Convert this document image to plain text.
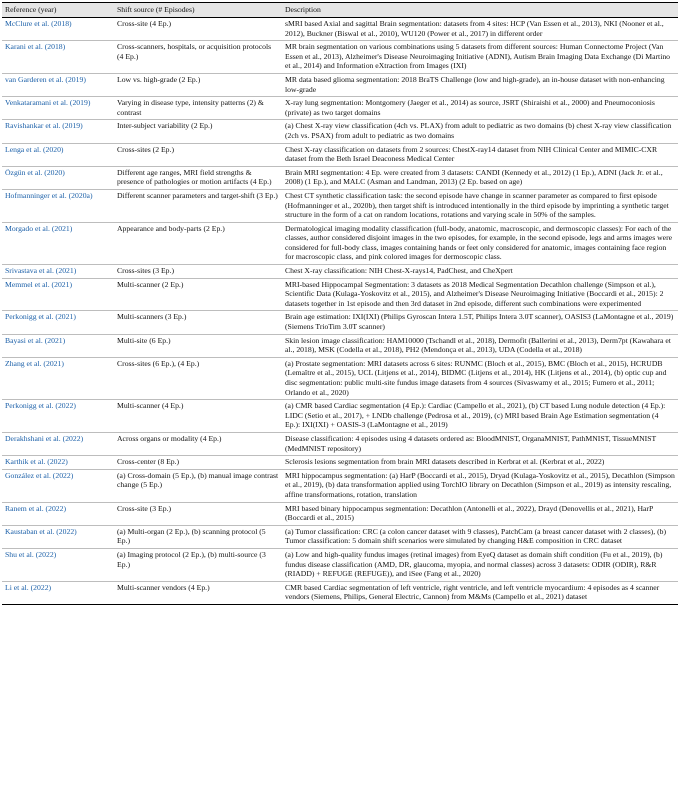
Reference (year)	Shift source (# Episodes)	Description
McClure et al. (2018)	Cross-site (4 Ep.)	sMRI based Axial and sagittal Brain segmentation: datasets from 4 sites: HCP (Van Essen et al., 2013), NKI (Nooner et al., 2012), Buckner (Biswal et al., 2010), WU120 (Power et al., 2017) in different order
Karani et al. (2018)	Cross-scanners, hospitals, or acquisition protocols (4 Ep.)	MR brain segmentation on various combinations using 5 datasets from different sources: Human Connectome Project (Van Essen et al., 2013), Alzheimer's Disease Neuroimaging Initiative (ADNI), Autism Brain Imaging Data Exchange (Di Martino et al., 2014) and Information eXtraction from Images (IXI)
van Garderen et al. (2019)	Low vs. high-grade (2 Ep.)	MR data based glioma segmentation: 2018 BraTS Challenge (low and high-grade), an in-house dataset with non-enhancing low-grade
Venkataramani et al. (2019)	Varying in disease type, intensity patterns (2) & contrast	X-ray lung segmentation: Montgomery (Jaeger et al., 2014) as source, JSRT (Shiraishi et al., 2000) and Pneumoconiosis (private) as two target domains
Ravishankar et al. (2019)	Inter-subject variability (2 Ep.)	(a) Chest X-ray view classification (4ch vs. PLAX) from adult to pediatric as two domains (b) chest X-ray view classification (2ch vs. PSAX) from adult to pediatric as two domains
Lenga et al. (2020)	Cross-sites (2 Ep.)	Chest X-ray classification on datasets from 2 sources: ChestX-ray14 dataset from NIH Clinical Center and MIMIC-CXR dataset from the Beth Israel Deaconess Medical Center
Özgün et al. (2020)	Different age ranges, MRI field strengths & presence of pathologies or motion artifacts (4 Ep.)	Brain MRI segmentation: 4 Ep. were created from 3 datasets: CANDI (Kennedy et al., 2012) (1 Ep.), ADNI (Jack Jr. et al., 2008) (1 Ep.), and MALC (Asman and Landman, 2013) (2 Ep. based on age)
Hofmanninger et al. (2020a)	Different scanner parameters and target-shift (3 Ep.)	Chest CT synthetic classification task: the second episode have change in scanner parameter as compared to first episode (Hofmanninger et al., 2020b), then target shift is introduced intentionally in the third episode by imprinting a synthetic target structure in the form of a cat on random locations, rotations and varying scale in 50% of the samples.
Morgado et al. (2021)	Appearance and body-parts (2 Ep.)	Dermatological imaging modality classification (full-body, anatomic, macroscopic, and dermoscopic classes): For each of the classes, author considered disjoint images in the two episodes, for example, in the second episode, legs and arms images were considered for full-body class, images containing hands or feet only considered for anatomic, images containing face region for macroscopic class, and pink colored images for dermoscopic class.
Srivastava et al. (2021)	Cross-sites (3 Ep.)	Chest X-ray classification: NIH Chest-X-rays14, PadChest, and CheXpert
Memmel et al. (2021)	Multi-scanner (2 Ep.)	MRI-based Hippocampal Segmentation: 3 datasets as 2018 Medical Segmentation Decathlon challenge (Simpson et al.), Scientific Data (Kulaga-Yoskovitz et al., 2015), and Alzheimer's Disease Neuroimaging Initiative (Boccardi et al., 2015): 2 datasets together in 1st episode and then 3rd dataset in 2nd episode, different such combinations were experimented
Perkonigg et al. (2021)	Multi-scanners (3 Ep.)	Brain age estimation: IXI(IXI) (Philips Gyroscan Intera 1.5T, Philips Intera 3.0T scanner), OASIS3 (LaMontagne et al., 2019) (Siemens TrioTim 3.0T scanner)
Bayasi et al. (2021)	Multi-site (6 Ep.)	Skin lesion image classification: HAM10000 (Tschandl et al., 2018), Dermofit (Ballerini et al., 2013), Derm7pt (Kawahara et al., 2018), MSK (Codella et al., 2018), PH2 (Mendonça et al., 2013), UDA (Codella et al., 2018)
Zhang et al. (2021)	Cross-sites (6 Ep.), (4 Ep.)	(a) Prostate segmentation: MRI datasets across 6 sites: RUNMC (Bloch et al., 2015), BMC (Bloch et al., 2015), HCRUDB (Lemaître et al., 2015), UCL (Litjens et al., 2014), BIDMC (Litjens et al., 2014), HK (Litjens et al., 2014), (b) optic cup and disc segmentation: public multi-site fundus image datasets from 4 sources (Sivaswamy et al., 2015; Fumero et al., 2011; Orlando et al., 2020)
Perkonigg et al. (2022)	Multi-scanner (4 Ep.)	(a) CMR based Cardiac segmentation (4 Ep.): Cardiac (Campello et al., 2021), (b) CT based Lung nodule detection (4 Ep.): LIDC (Setio et al., 2017), + LNDb challenge (Pedrosa et al., 2019), (c) MRI based Brain Age Estimation segmentation (4 Ep.): IXI(IXI) + OASIS-3 (LaMontagne et al., 2019)
Derakhshani et al. (2022)	Across organs or modality (4 Ep.)	Disease classification: 4 episodes using 4 datasets ordered as: BloodMNIST, OrganaMNIST, PathMNIST, TissueMNIST (MedMNIST repository)
Karthik et al. (2022)	Cross-center (8 Ep.)	Sclerosis lesions segmentation from brain MRI datasets described in Kerbrat et al. (Kerbrat et al., 2022)
González et al. (2022)	(a) Cross-domain (5 Ep.), (b) manual image contrast change (5 Ep.)	MRI hippocampus segmentation: (a) HarP (Boccardi et al., 2015), Dryad (Kulaga-Yoskovitz et al., 2015), Decathlon (Simpson et al., 2019), (b) data transformation applied using TorchIO library on Decathlon (Simpson et al., 2019) as intensity rescaling, affine transformations, rotation, translation
Ranem et al. (2022)	Cross-site (3 Ep.)	MRI based binary hippocampus segmentation: Decathlon (Antonelli et al., 2022), Drayd (Denovellis et al., 2021), HarP (Boccardi et al., 2015)
Kaustaban et al. (2022)	(a) Multi-organ (2 Ep.), (b) scanning protocol (5 Ep.)	(a) Tumor classification: CRC (a colon cancer dataset with 9 classes), PatchCam (a breast cancer dataset with 2 classes), (b) Tumor classification: 5 domain shift scenarios were simulated by changing H&E composition in CRC dataset
Shu et al. (2022)	(a) Imaging protocol (2 Ep.), (b) multi-source (3 Ep.)	(a) Low and high-quality fundus images (retinal images) from EyeQ dataset as domain shift condition (Fu et al., 2019), (b) fundus disease classification (AMD, DR, glaucoma, myopia, and normal classes) across 3 datasets: ODIR (ODIR), R&R (RIADD) + REFUGE (REFUGE)), and iSee (Fang et al., 2020)
Li et al. (2022)	Multi-scanner vendors (4 Ep.)	CMR based Cardiac segmentation of left ventricle, right ventricle, and left ventricle myocardium: 4 episodes as 4 scanner vendors (Siemens, Philips, General Electric, Cannon) from M&Ms (Campello et al., 2021) dataset
